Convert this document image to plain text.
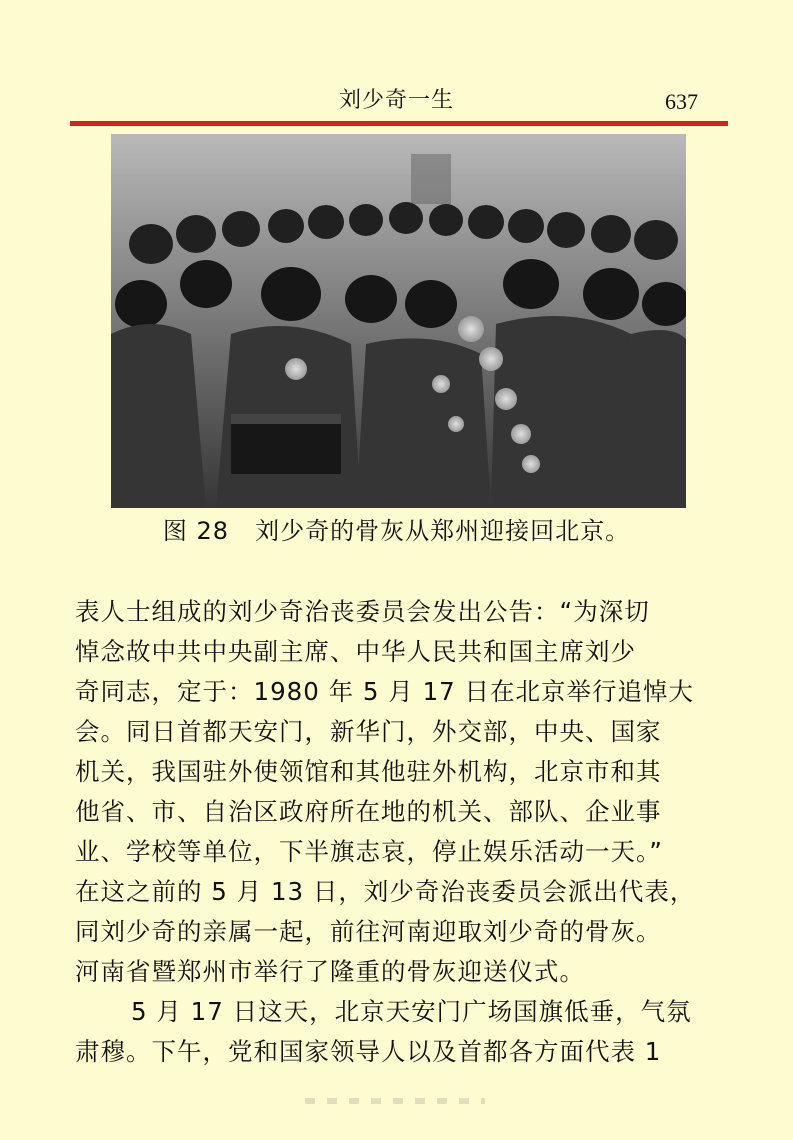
刘少奇一生	637
图 28 刘少奇的骨灰从郑州迎接回北京。
表人士组成的刘少奇治丧委员会发出公告：“为深切
悼念故中共中央副主席、中华人民共和国主席刘少
奇同志，定于：1980 年 5 月 17 日在北京举行追悼大
会。同日首都天安门，新华门，外交部，中央、国家
机关，我国驻外使领馆和其他驻外机构，北京市和其
他省、市、自治区政府所在地的机关、部队、企业事
业、学校等单位，下半旗志哀，停止娱乐活动一天。”
在这之前的 5 月 13 日，刘少奇治丧委员会派出代表，
同刘少奇的亲属一起，前往河南迎取刘少奇的骨灰。
河南省暨郑州市举行了隆重的骨灰迎送仪式。
5 月 17 日这天，北京天安门广场国旗低垂，气氛
肃穆。下午，党和国家领导人以及首都各方面代表 1
